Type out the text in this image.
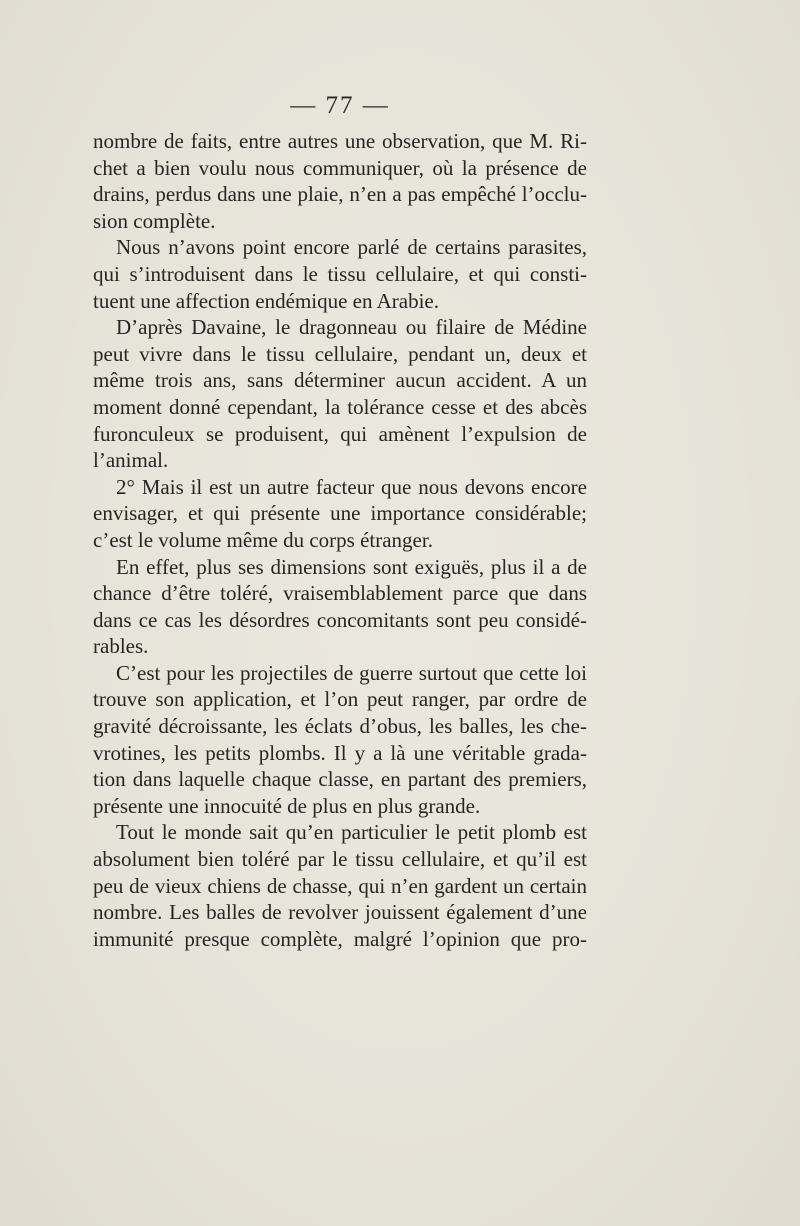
— 77 —
nombre de faits, entre autres une observation, que M. Ri-
chet a bien voulu nous communiquer, où la présence de
drains, perdus dans une plaie, n’en a pas empêché l’occlu-
sion complète.
Nous n’avons point encore parlé de certains parasites,
qui s’introduisent dans le tissu cellulaire, et qui consti-
tuent une affection endémique en Arabie.
D’après Davaine, le dragonneau ou filaire de Médine
peut vivre dans le tissu cellulaire, pendant un, deux et
même trois ans, sans déterminer aucun accident. A un
moment donné cependant, la tolérance cesse et des abcès
furonculeux se produisent, qui amènent l’expulsion de
l’animal.
2° Mais il est un autre facteur que nous devons encore
envisager, et qui présente une importance considérable;
c’est le volume même du corps étranger.
En effet, plus ses dimensions sont exiguës, plus il a de
chance d’être toléré, vraisemblablement parce que dans
dans ce cas les désordres concomitants sont peu considé-
rables.
C’est pour les projectiles de guerre surtout que cette loi
trouve son application, et l’on peut ranger, par ordre de
gravité décroissante, les éclats d’obus, les balles, les che-
vrotines, les petits plombs. Il y a là une véritable grada-
tion dans laquelle chaque classe, en partant des premiers,
présente une innocuité de plus en plus grande.
Tout le monde sait qu’en particulier le petit plomb est
absolument bien toléré par le tissu cellulaire, et qu’il est
peu de vieux chiens de chasse, qui n’en gardent un certain
nombre. Les balles de revolver jouissent également d’une
immunité presque complète, malgré l’opinion que pro-
